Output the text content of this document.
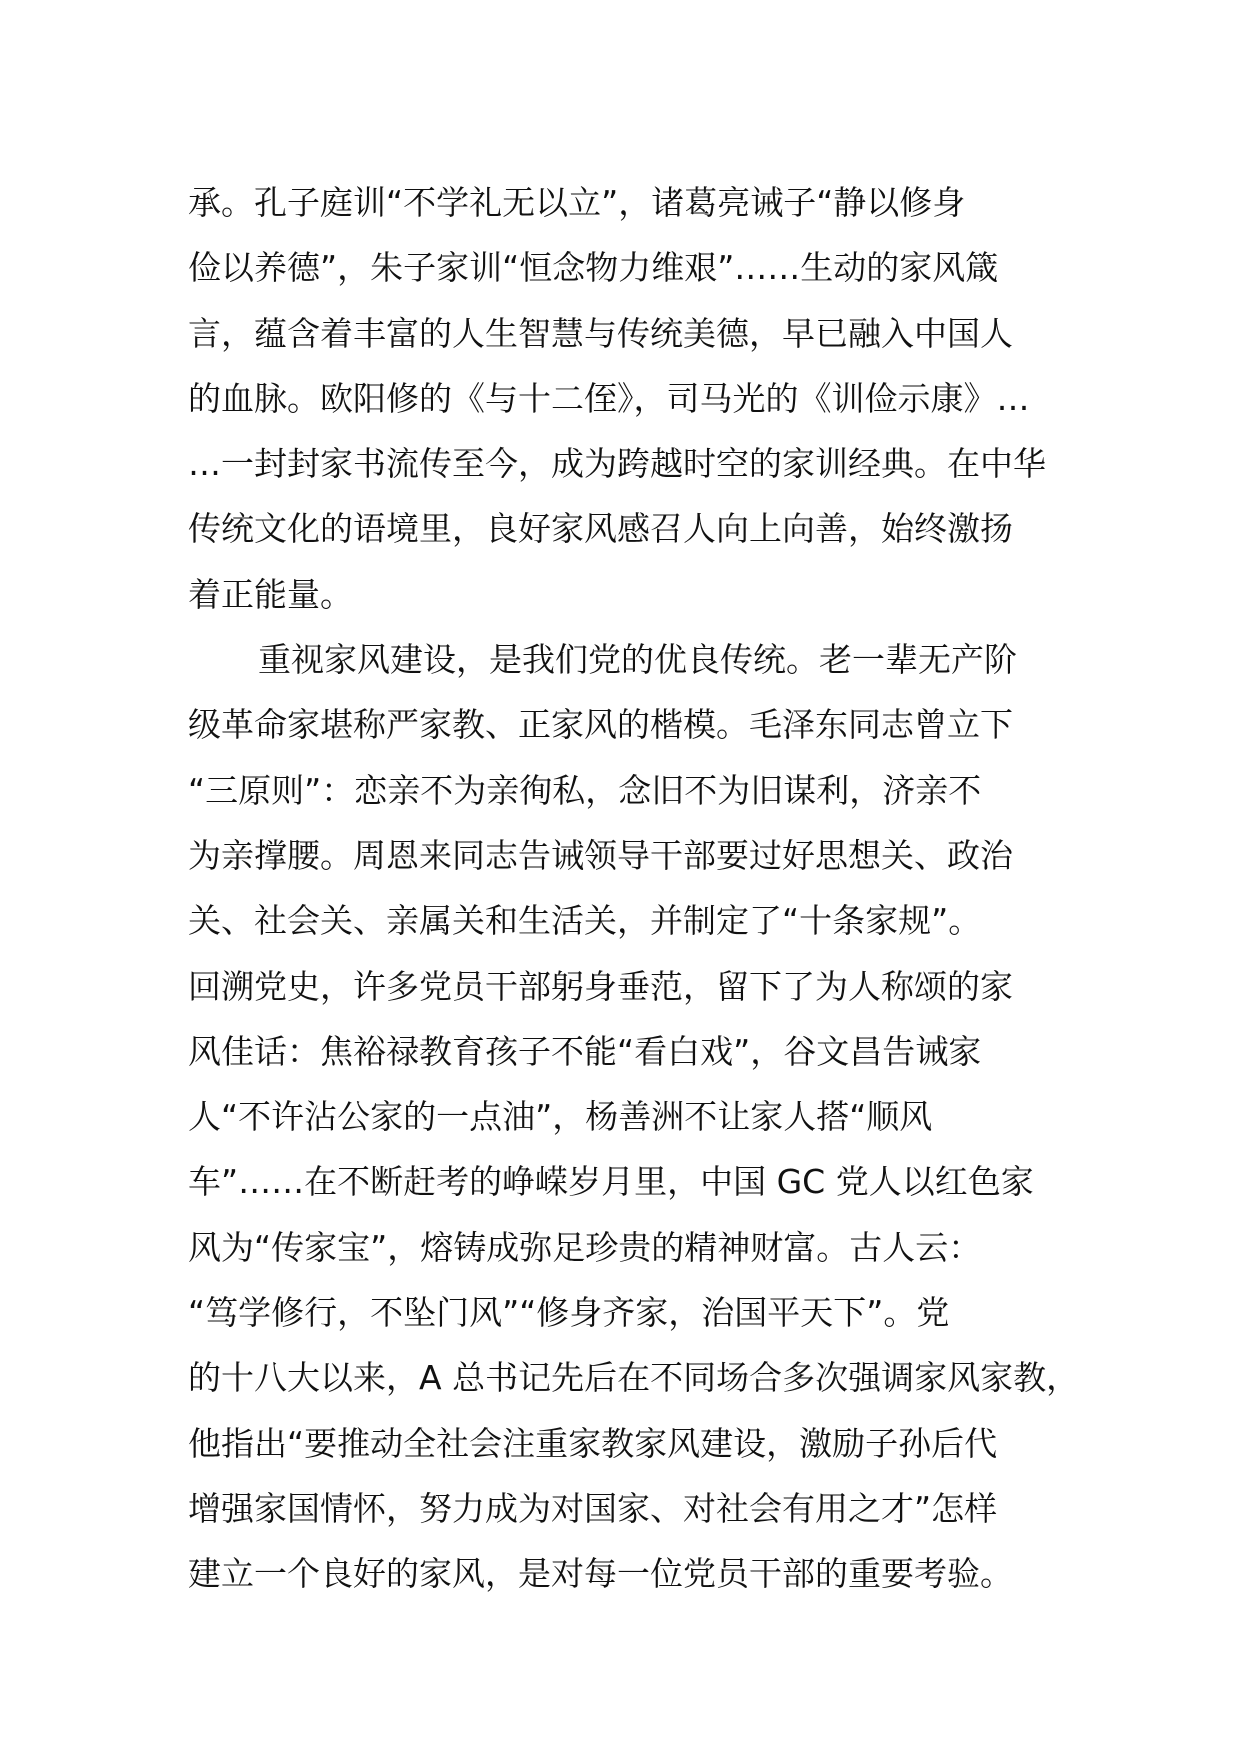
承。孔子庭训“不学礼无以立”，诸葛亮诫子“静以修身
俭以养德”，朱子家训“恒念物力维艰”……生动的家风箴
言，蕴含着丰富的人生智慧与传统美德，早已融入中国人
的血脉。欧阳修的《与十二侄》，司马光的《训俭示康》…
…一封封家书流传至今，成为跨越时空的家训经典。在中华
传统文化的语境里，良好家风感召人向上向善，始终激扬
着正能量。
重视家风建设，是我们党的优良传统。老一辈无产阶
级革命家堪称严家教、正家风的楷模。毛泽东同志曾立下
“三原则”：恋亲不为亲徇私，念旧不为旧谋利，济亲不
为亲撑腰。周恩来同志告诫领导干部要过好思想关、政治
关、社会关、亲属关和生活关，并制定了“十条家规”。
回溯党史，许多党员干部躬身垂范，留下了为人称颂的家
风佳话：焦裕禄教育孩子不能“看白戏”，谷文昌告诫家
人“不许沾公家的一点油”，杨善洲不让家人搭“顺风
车”……在不断赶考的峥嵘岁月里，中国 GC 党人以红色家
风为“传家宝”，熔铸成弥足珍贵的精神财富。古人云：
“笃学修行，不坠门风”“修身齐家，治国平天下”。党
的十八大以来，A 总书记先后在不同场合多次强调家风家教，
他指出“要推动全社会注重家教家风建设，激励子孙后代
增强家国情怀，努力成为对国家、对社会有用之才”怎样
建立一个良好的家风，是对每一位党员干部的重要考验。
